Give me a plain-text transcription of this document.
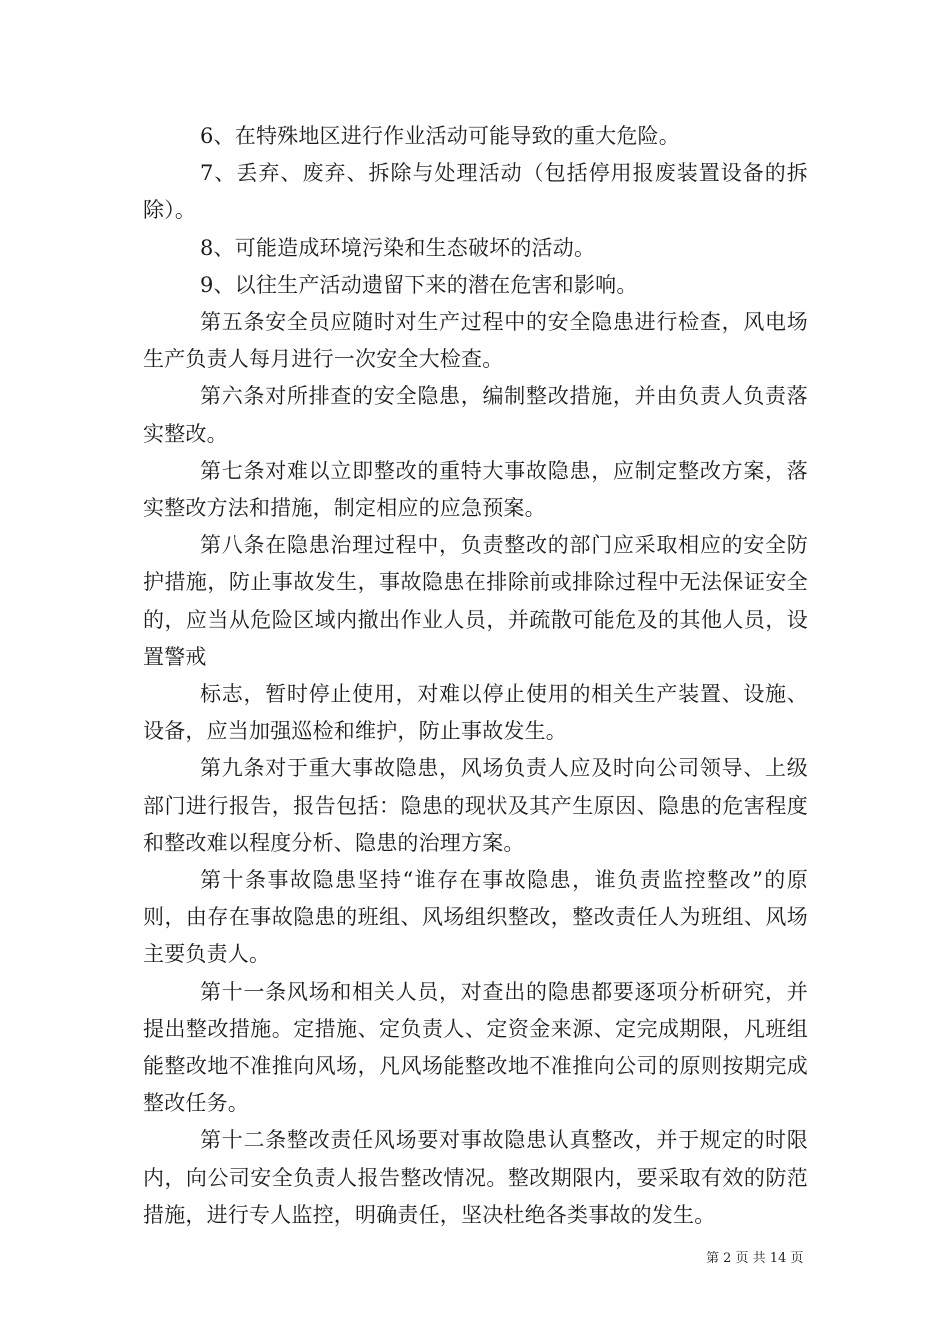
6、在特殊地区进行作业活动可能导致的重大危险。

7、丢弃、废弃、拆除与处理活动（包括停用报废装置设备的拆除）。

8、可能造成环境污染和生态破坏的活动。

9、以往生产活动遗留下来的潜在危害和影响。

第五条安全员应随时对生产过程中的安全隐患进行检查，风电场生产负责人每月进行一次安全大检查。

第六条对所排查的安全隐患，编制整改措施，并由负责人负责落实整改。

第七条对难以立即整改的重特大事故隐患，应制定整改方案，落实整改方法和措施，制定相应的应急预案。

第八条在隐患治理过程中，负责整改的部门应采取相应的安全防护措施，防止事故发生，事故隐患在排除前或排除过程中无法保证安全的，应当从危险区域内撤出作业人员，并疏散可能危及的其他人员，设置警戒

标志，暂时停止使用，对难以停止使用的相关生产装置、设施、设备，应当加强巡检和维护，防止事故发生。

第九条对于重大事故隐患，风场负责人应及时向公司领导、上级部门进行报告，报告包括：隐患的现状及其产生原因、隐患的危害程度和整改难以程度分析、隐患的治理方案。

第十条事故隐患坚持“谁存在事故隐患，谁负责监控整改”的原则，由存在事故隐患的班组、风场组织整改，整改责任人为班组、风场主要负责人。

第十一条风场和相关人员，对查出的隐患都要逐项分析研究，并提出整改措施。定措施、定负责人、定资金来源、定完成期限，凡班组能整改地不准推向风场，凡风场能整改地不准推向公司的原则按期完成整改任务。

第十二条整改责任风场要对事故隐患认真整改，并于规定的时限内，向公司安全负责人报告整改情况。整改期限内，要采取有效的防范措施，进行专人监控，明确责任，坚决杜绝各类事故的发生。

第 2 页 共 14 页
